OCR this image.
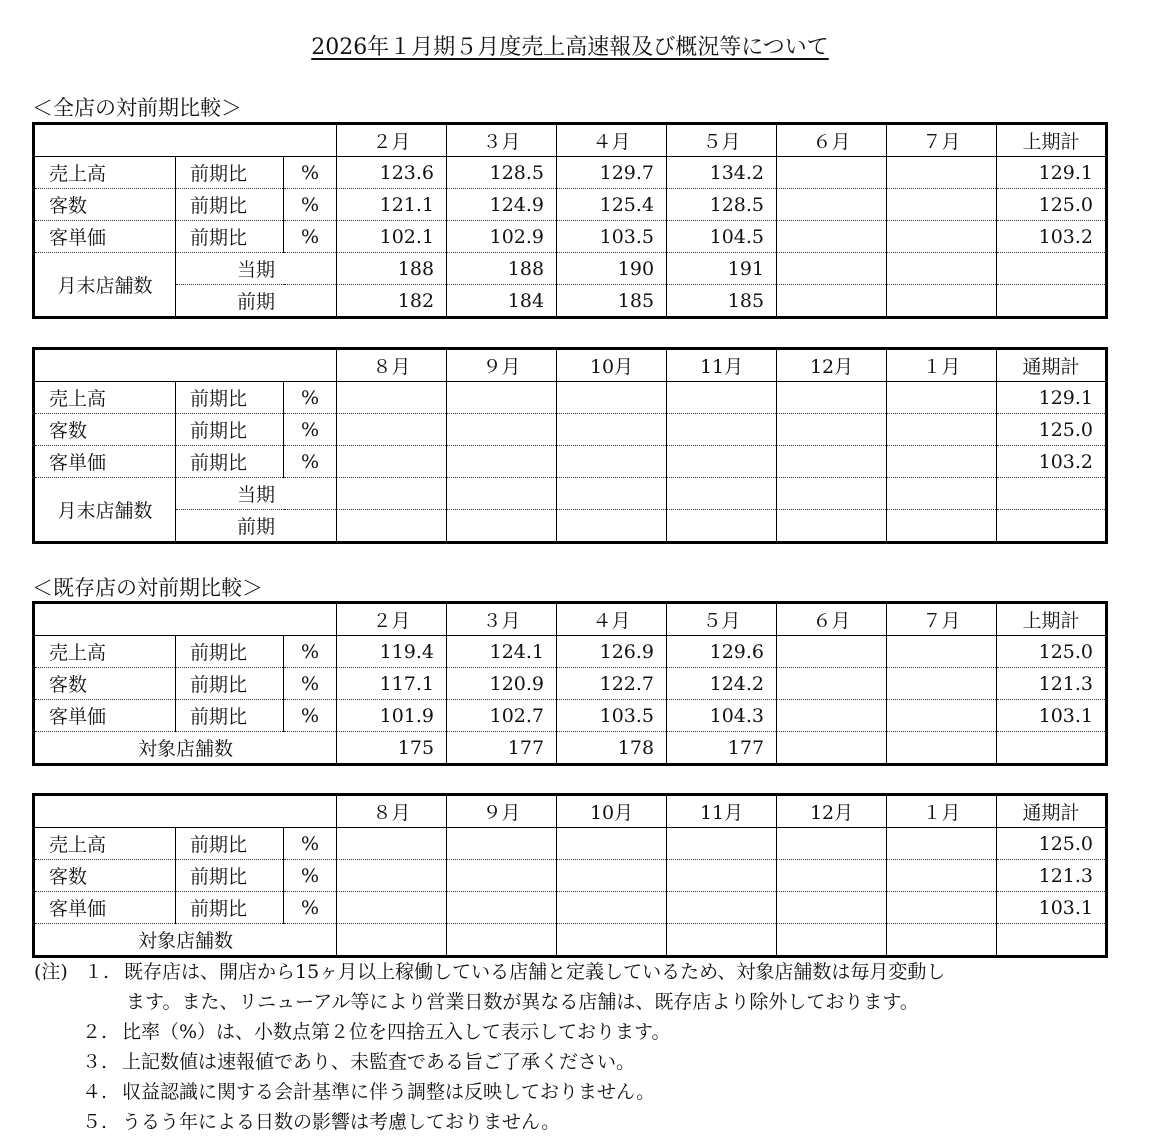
2026年１月期５月度売上高速報及び概況等について
＜全店の対前期比較＞
			２月	３月	４月	５月	６月	７月	上期計
売上高	前期比	%	123.6	128.5	129.7	134.2			129.1
客数	前期比	%	121.1	124.9	125.4	128.5			125.0
客単価	前期比	%	102.1	102.9	103.5	104.5			103.2
月末店舗数	当期		188	188	190	191			
	前期		182	184	185	185			
			８月	９月	10月	11月	12月	１月	通期計
売上高	前期比	%							129.1
客数	前期比	%							125.0
客単価	前期比	%							103.2
月末店舗数	当期								
	前期								
＜既存店の対前期比較＞
			２月	３月	４月	５月	６月	７月	上期計
売上高	前期比	%	119.4	124.1	126.9	129.6			125.0
客数	前期比	%	117.1	120.9	122.7	124.2			121.3
客単価	前期比	%	101.9	102.7	103.5	104.3			103.1
対象店舗数			175	177	178	177			
			８月	９月	10月	11月	12月	１月	通期計
売上高	前期比	%							125.0
客数	前期比	%							121.3
客単価	前期比	%							103.1
対象店舗数									
(注) １. 既存店は、開店から15ヶ月以上稼働している店舗と定義しているため、対象店舗数は毎月変動し
ます。また、リニューアル等により営業日数が異なる店舗は、既存店より除外しております。
２. 比率（%）は、小数点第２位を四捨五入して表示しております。
３. 上記数値は速報値であり、未監査である旨ご了承ください。
４. 収益認識に関する会計基準に伴う調整は反映しておりません。
５. うるう年による日数の影響は考慮しておりません。
